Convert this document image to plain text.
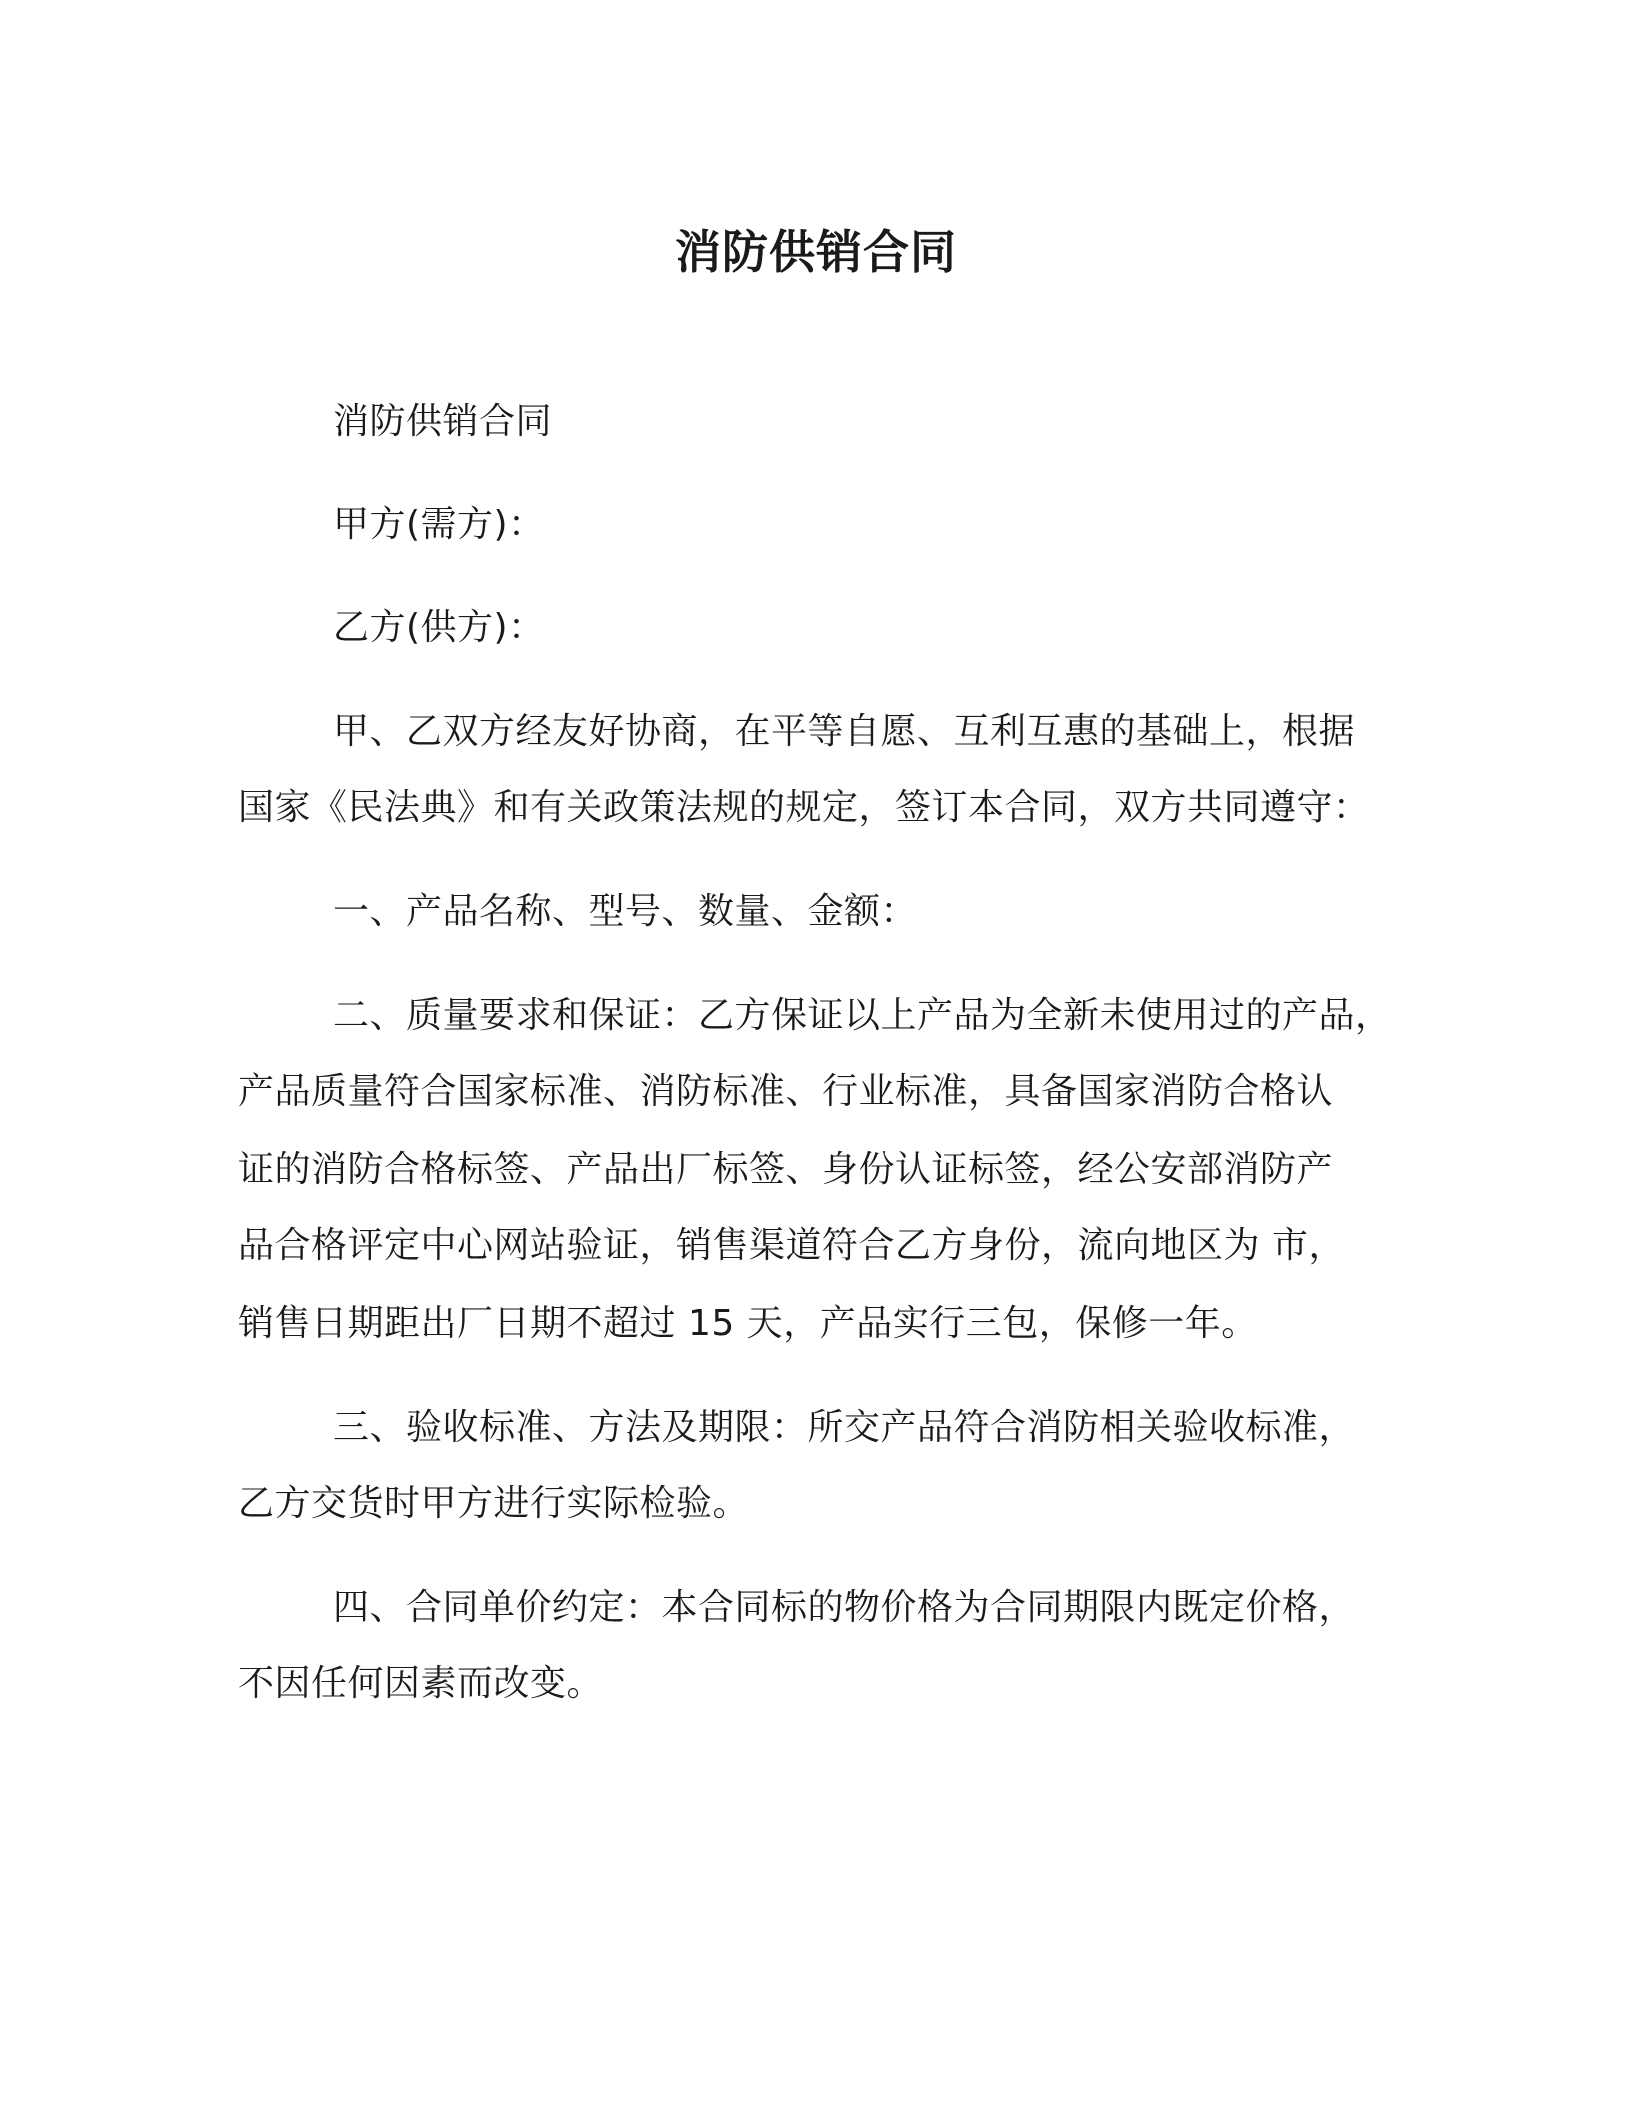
消防供销合同
消防供销合同
甲方(需方)：
乙方(供方)：
甲、乙双方经友好协商，在平等自愿、互利互惠的基础上，根据
国家《民法典》和有关政策法规的规定，签订本合同，双方共同遵守：
一、产品名称、型号、数量、金额：
二、质量要求和保证：乙方保证以上产品为全新未使用过的产品，
产品质量符合国家标准、消防标准、行业标准，具备国家消防合格认
证的消防合格标签、产品出厂标签、身份认证标签，经公安部消防产
品合格评定中心网站验证，销售渠道符合乙方身份，流向地区为 市，
销售日期距出厂日期不超过 15 天，产品实行三包，保修一年。
三、验收标准、方法及期限：所交产品符合消防相关验收标准，
乙方交货时甲方进行实际检验。
四、合同单价约定：本合同标的物价格为合同期限内既定价格，
不因任何因素而改变。
